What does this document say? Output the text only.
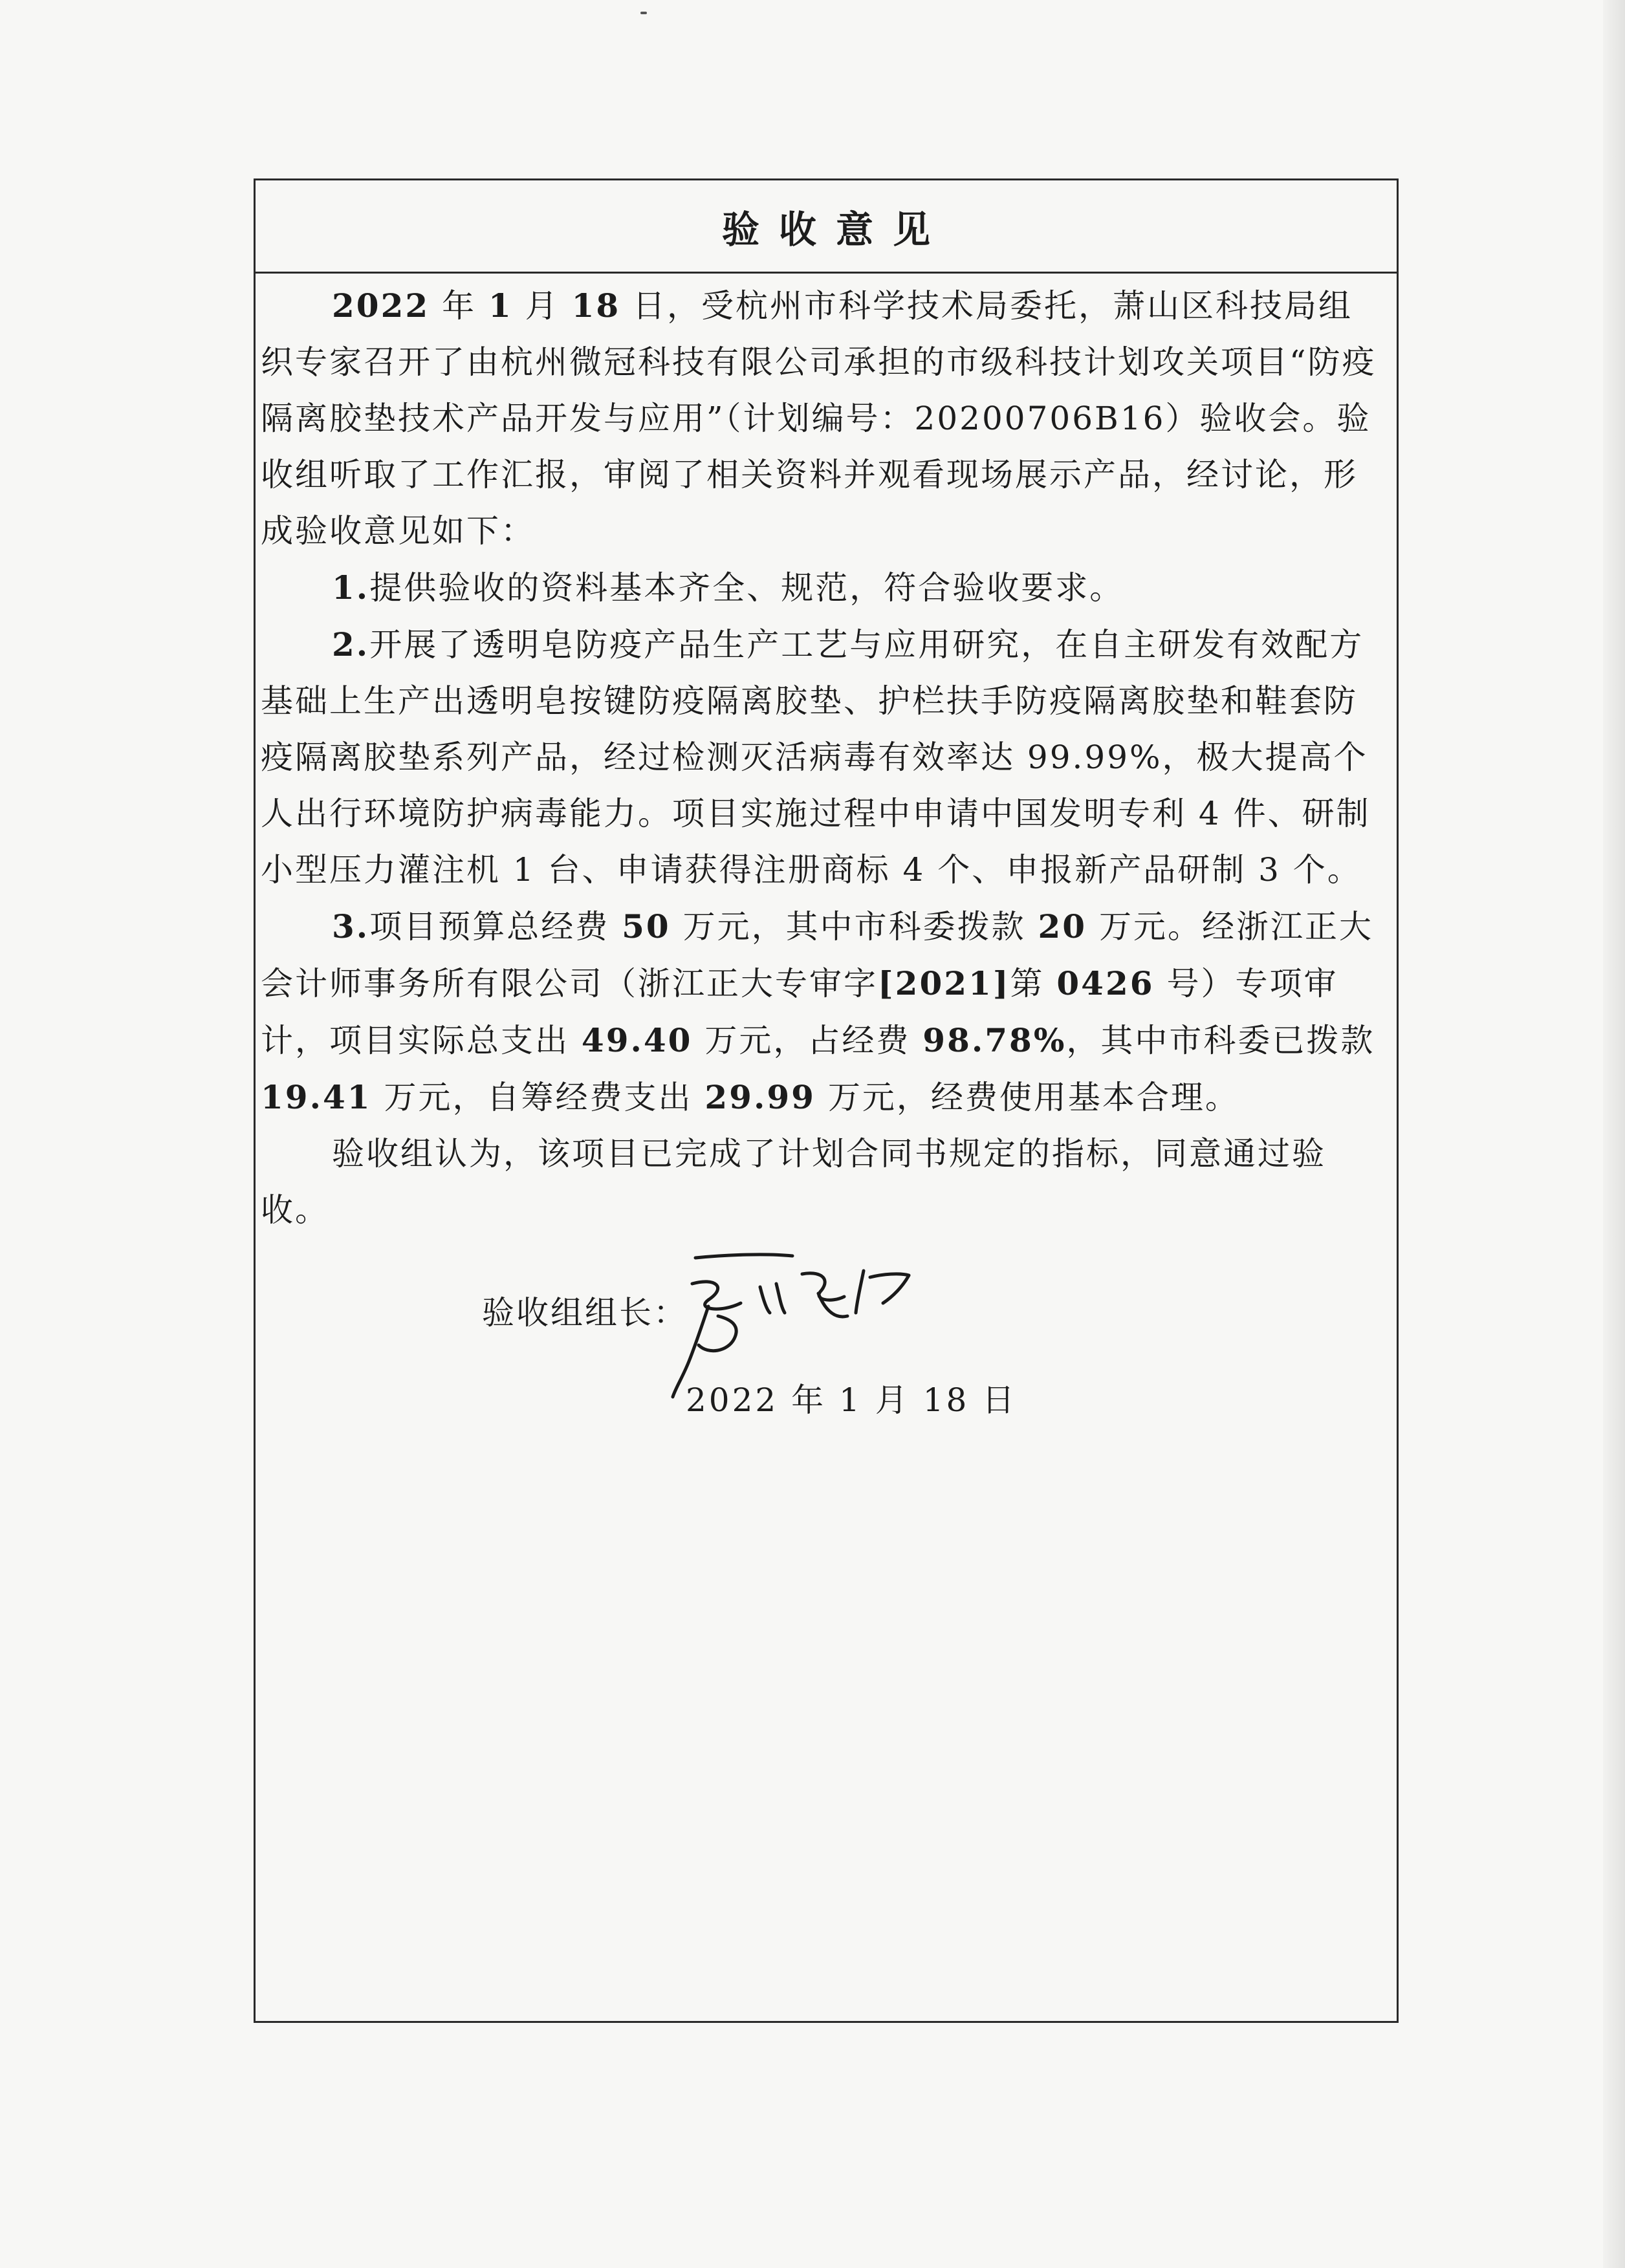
验收意见

2022 年 1 月 18 日，受杭州市科学技术局委托，萧山区科技局组织专家召开了由杭州微冠科技有限公司承担的市级科技计划攻关项目“防疫隔离胶垫技术产品开发与应用”（计划编号：20200706B16）验收会。验收组听取了工作汇报，审阅了相关资料并观看现场展示产品，经讨论，形成验收意见如下：

1.提供验收的资料基本齐全、规范，符合验收要求。

2.开展了透明皂防疫产品生产工艺与应用研究，在自主研发有效配方基础上生产出透明皂按键防疫隔离胶垫、护栏扶手防疫隔离胶垫和鞋套防疫隔离胶垫系列产品，经过检测灭活病毒有效率达 99.99%，极大提高个人出行环境防护病毒能力。项目实施过程中申请中国发明专利 4 件、研制小型压力灌注机 1 台、申请获得注册商标 4 个、申报新产品研制 3 个。

3.项目预算总经费 50 万元，其中市科委拨款 20 万元。经浙江正大会计师事务所有限公司（浙江正大专审字[2021]第 0426 号）专项审计，项目实际总支出 49.40 万元，占经费 98.78%，其中市科委已拨款 19.41 万元，自筹经费支出 29.99 万元，经费使用基本合理。

验收组认为，该项目已完成了计划合同书规定的指标，同意通过验收。

验收组组长：
2022 年 1 月 18 日
